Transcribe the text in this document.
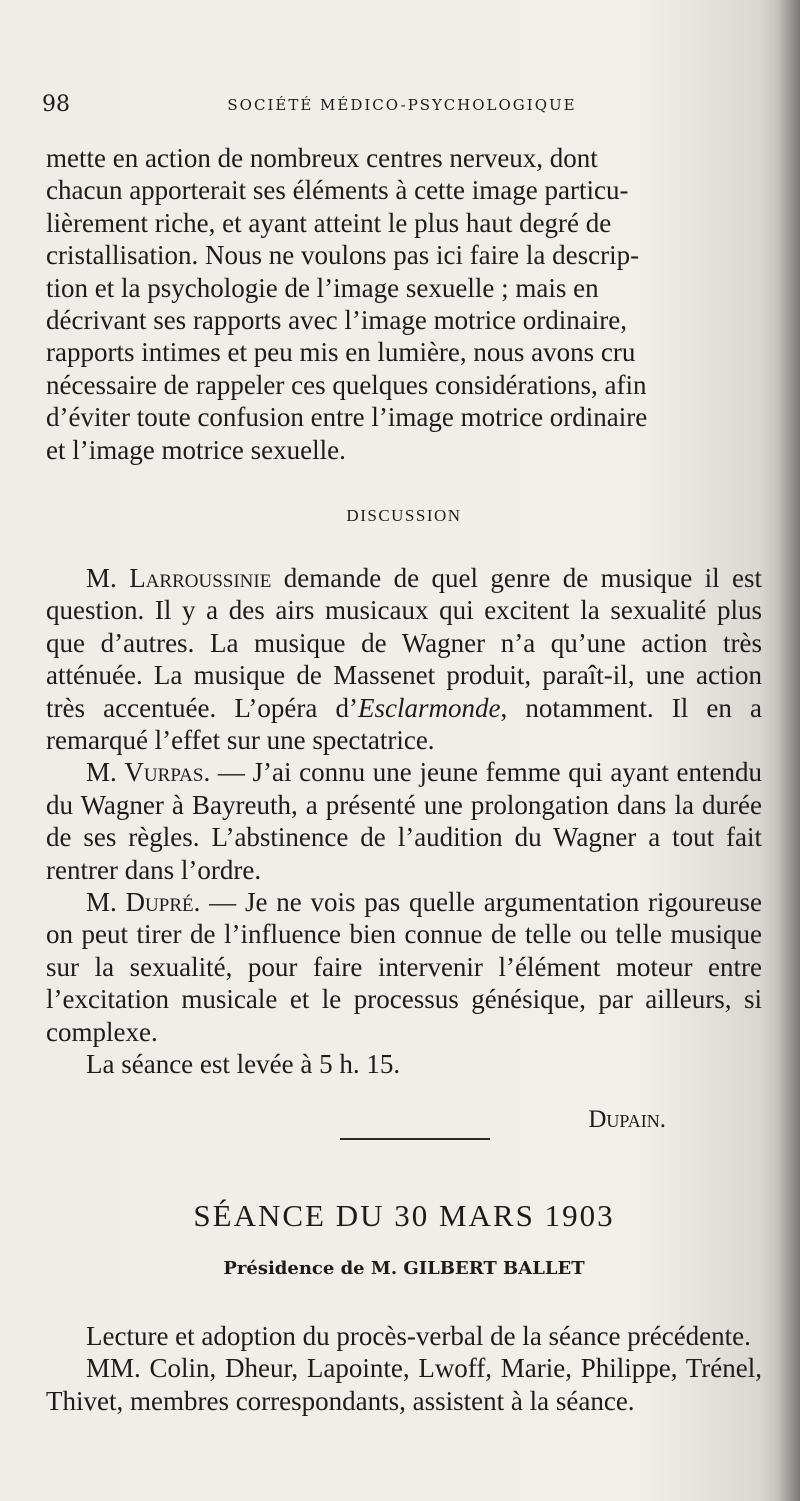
98	SOCIÉTÉ MÉDICO-PSYCHOLOGIQUE

mette en action de nombreux centres nerveux, dont

chacun apporterait ses éléments à cette image particu-

lièrement riche, et ayant atteint le plus haut degré de

cristallisation. Nous ne voulons pas ici faire la descrip-

tion et la psychologie de l’image sexuelle ; mais en

décrivant ses rapports avec l’image motrice ordinaire,

rapports intimes et peu mis en lumière, nous avons cru

nécessaire de rappeler ces quelques considérations, afin

d’éviter toute confusion entre l’image motrice ordinaire

et l’image motrice sexuelle.

DISCUSSION

M. Larroussinie demande de quel genre de musique il est question. Il y a des airs musicaux qui excitent la sexualité plus que d’autres. La musique de Wagner n’a qu’une action très atténuée. La musique de Massenet produit, paraît-il, une action très accentuée. L’opéra d’Esclarmonde, notamment. Il en a remarqué l’effet sur une spectatrice.

M. Vurpas. — J’ai connu une jeune femme qui ayant entendu du Wagner à Bayreuth, a présenté une prolongation dans la durée de ses règles. L’abstinence de l’audition du Wagner a tout fait rentrer dans l’ordre.

M. Dupré. — Je ne vois pas quelle argumentation rigoureuse on peut tirer de l’influence bien connue de telle ou telle musique sur la sexualité, pour faire intervenir l’élément moteur entre l’excitation musicale et le processus génésique, par ailleurs, si complexe.

La séance est levée à 5 h. 15.

Dupain.
SÉANCE DU 30 MARS 1903
Présidence de M. GILBERT BALLET

Lecture et adoption du procès-verbal de la séance précédente.

MM. Colin, Dheur, Lapointe, Lwoff, Marie, Philippe, Trénel, Thivet, membres correspondants, assistent à la séance.
